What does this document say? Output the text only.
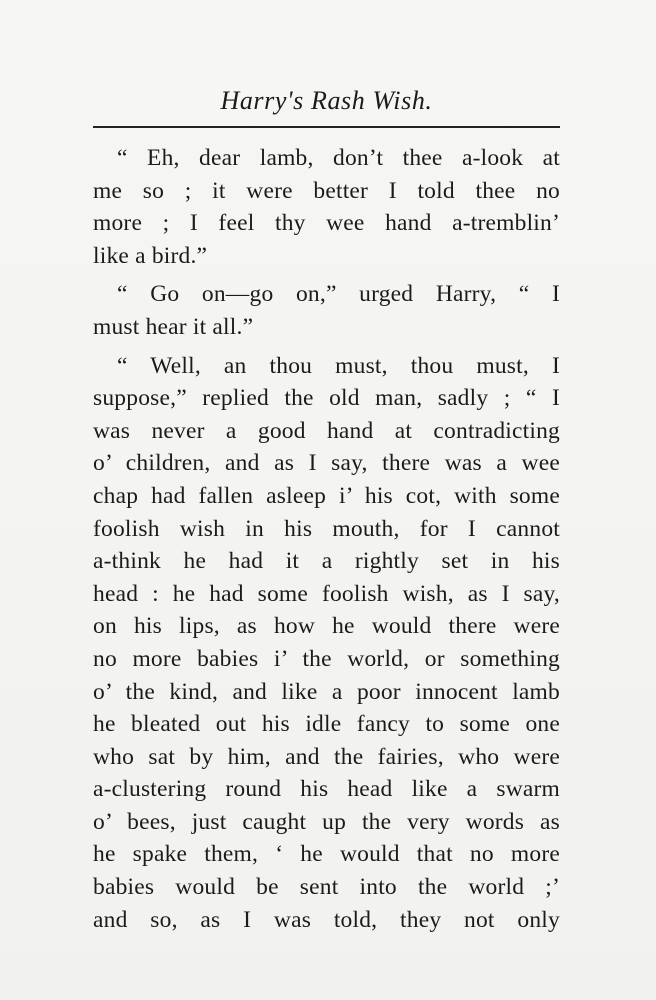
Harry's Rash Wish.
“ Eh, dear lamb, don’t thee a-look at
me so ; it were better I told thee no
more ; I feel thy wee hand a-tremblin’
like a bird.”
“ Go on—go on,” urged Harry, “ I
must hear it all.”
“ Well, an thou must, thou must, I
suppose,” replied the old man, sadly ; “ I
was never a good hand at contradicting
o’ children, and as I say, there was a wee
chap had fallen asleep i’ his cot, with some
foolish wish in his mouth, for I cannot
a-think he had it a rightly set in his
head : he had some foolish wish, as I say,
on his lips, as how he would there were
no more babies i’ the world, or something
o’ the kind, and like a poor innocent lamb
he bleated out his idle fancy to some one
who sat by him, and the fairies, who were
a-clustering round his head like a swarm
o’ bees, just caught up the very words as
he spake them, ‘ he would that no more
babies would be sent into the world ;’
and so, as I was told, they not only
